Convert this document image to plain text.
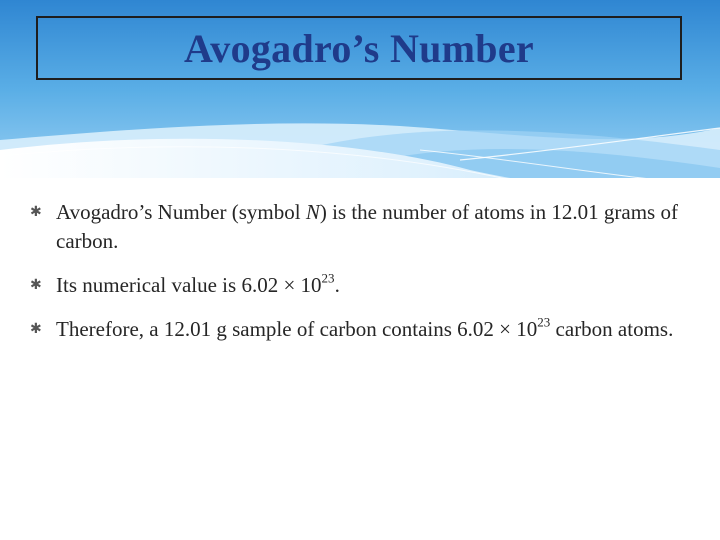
Avogadro’s Number
✱ Avogadro’s Number (symbol N) is the number of atoms in 12.01 grams of carbon.
✱ Its numerical value is $6.02 \times 10^{23}$.
✱ Therefore, a 12.01 g sample of carbon contains $6.02 \times 10^{23}$ carbon atoms.
